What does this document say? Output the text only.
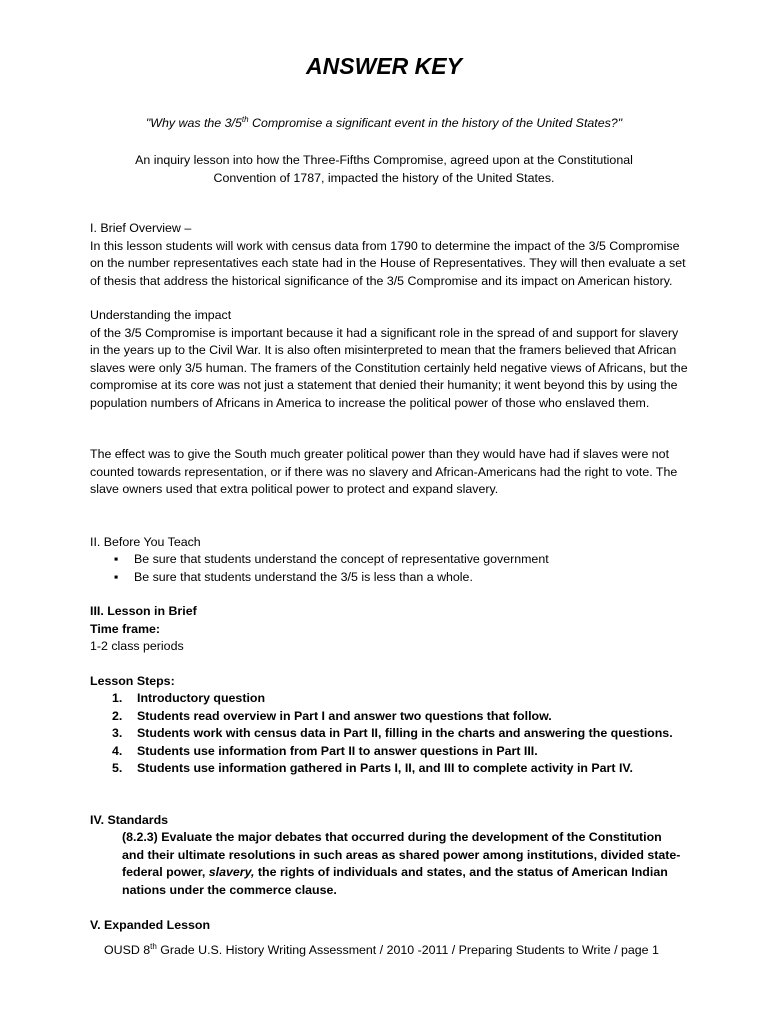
ANSWER KEY

"Why was the 3/5th Compromise a significant event in the history of the United States?"

An inquiry lesson into how the Three-Fifths Compromise, agreed upon at the Constitutional Convention of 1787, impacted the history of the United States.

I. Brief Overview –
In this lesson students will work with census data from 1790 to determine the impact of the 3/5 Compromise on the number representatives each state had in the House of Representatives. They will then evaluate a set of thesis that address the historical significance of the 3/5 Compromise and its impact on American history.
Understanding the impact
of the 3/5 Compromise is important because it had a significant role in the spread of and support for slavery in the years up to the Civil War. It is also often misinterpreted to mean that the framers believed that African slaves were only 3/5 human. The framers of the Constitution certainly held negative views of Africans, but the compromise at its core was not just a statement that denied their humanity; it went beyond this by using the population numbers of Africans in America to increase the political power of those who enslaved them.
The effect was to give the South much greater political power than they would have had if slaves were not counted towards representation, or if there was no slavery and African-Americans had the right to vote. The slave owners used that extra political power to protect and expand slavery.
II. Before You Teach
▪ Be sure that students understand the concept of representative government
▪ Be sure that students understand the 3/5 is less than a whole.
III. Lesson in Brief
Time frame:
1-2 class periods
Lesson Steps:
1. Introductory question
2. Students read overview in Part I and answer two questions that follow.
3. Students work with census data in Part II, filling in the charts and answering the questions.
4. Students use information from Part II to answer questions in Part III.
5. Students use information gathered in Parts I, II, and III to complete activity in Part IV.
IV. Standards

(8.2.3) Evaluate the major debates that occurred during the development of the Constitution and their ultimate resolutions in such areas as shared power among institutions, divided state-federal power, slavery, the rights of individuals and states, and the status of American Indian nations under the commerce clause.

V. Expanded Lesson

OUSD 8th Grade U.S. History Writing Assessment / 2010 -2011 / Preparing Students to Write / page 1
